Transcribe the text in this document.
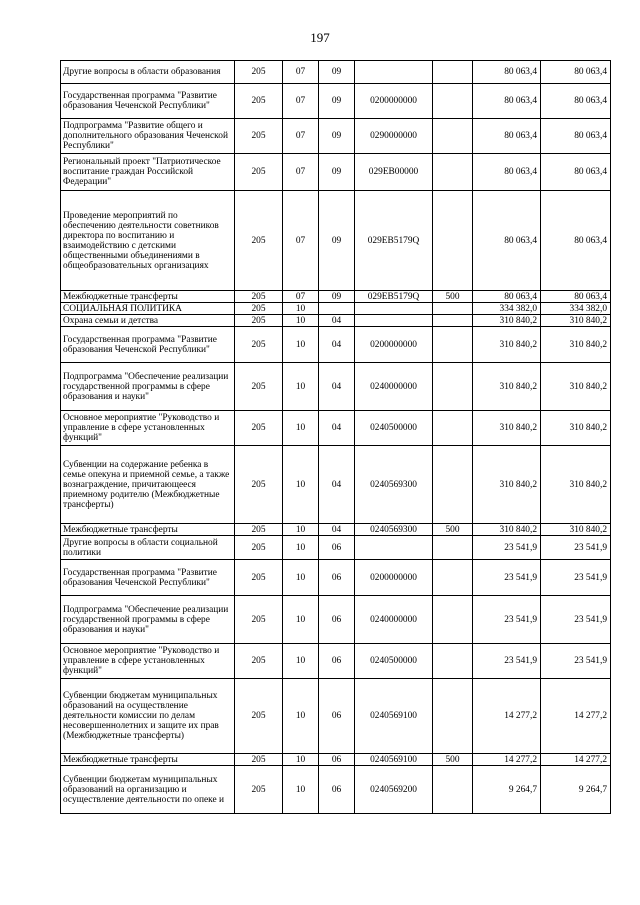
197
Другие вопросы в области образования	205	07	09			80 063,4	80 063,4
Государственная программа "Развитие образования Чеченской Республики"	205	07	09	0200000000		80 063,4	80 063,4
Подпрограмма "Развитие общего и дополнительного образования Чеченской Республики"	205	07	09	0290000000		80 063,4	80 063,4
Региональный проект "Патриотическое воспитание граждан Российской Федерации"	205	07	09	029EB00000		80 063,4	80 063,4
Проведение мероприятий по обеспечению деятельности советников директора по воспитанию и взаимодействию с детскими общественными объединениями в общеобразовательных организациях	205	07	09	029EB5179Q		80 063,4	80 063,4
Межбюджетные трансферты	205	07	09	029EB5179Q	500	80 063,4	80 063,4
СОЦИАЛЬНАЯ ПОЛИТИКА	205	10				334 382,0	334 382,0
Охрана семьи и детства	205	10	04			310 840,2	310 840,2
Государственная программа "Развитие образования Чеченской Республики"	205	10	04	0200000000		310 840,2	310 840,2
Подпрограмма "Обеспечение реализации государственной программы в сфере образования и науки"	205	10	04	0240000000		310 840,2	310 840,2
Основное мероприятие "Руководство и управление в сфере установленных функций"	205	10	04	0240500000		310 840,2	310 840,2
Субвенции на содержание ребенка в семье опекуна и приемной семье, а также вознаграждение, причитающееся приемному родителю (Межбюджетные трансферты)	205	10	04	0240569300		310 840,2	310 840,2
Межбюджетные трансферты	205	10	04	0240569300	500	310 840,2	310 840,2
Другие вопросы в области социальной политики	205	10	06			23 541,9	23 541,9
Государственная программа "Развитие образования Чеченской Республики"	205	10	06	0200000000		23 541,9	23 541,9
Подпрограмма "Обеспечение реализации государственной программы в сфере образования и науки"	205	10	06	0240000000		23 541,9	23 541,9
Основное мероприятие "Руководство и управление в сфере установленных функций"	205	10	06	0240500000		23 541,9	23 541,9
Субвенции бюджетам муниципальных образований на осуществление деятельности комиссии по делам несовершеннолетних и защите их прав (Межбюджетные трансферты)	205	10	06	0240569100		14 277,2	14 277,2
Межбюджетные трансферты	205	10	06	0240569100	500	14 277,2	14 277,2
Субвенции бюджетам муниципальных образований на организацию и осуществление деятельности по опеке и	205	10	06	0240569200		9 264,7	9 264,7
